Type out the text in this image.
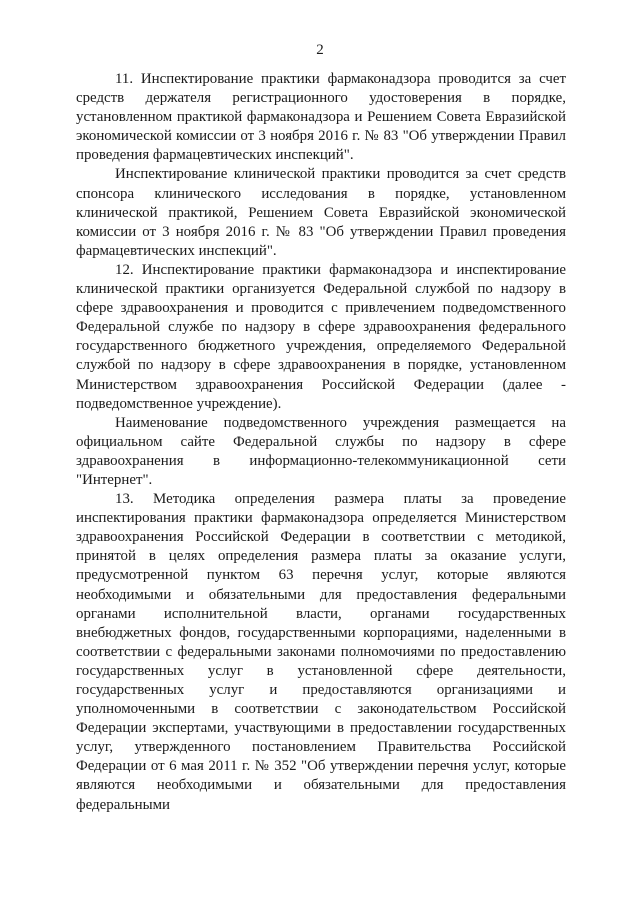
2

11. Инспектирование практики фармаконадзора проводится за счет средств держателя регистрационного удостоверения в порядке, установленном практикой фармаконадзора и Решением Совета Евразийской экономической комиссии от 3 ноября 2016 г. № 83 "Об утверждении Правил проведения фармацевтических инспекций".

Инспектирование клинической практики проводится за счет средств спонсора клинического исследования в порядке, установленном клинической практикой, Решением Совета Евразийской экономической комиссии от 3 ноября 2016 г. № 83 "Об утверждении Правил проведения фармацевтических инспекций".

12. Инспектирование практики фармаконадзора и инспектирование клинической практики организуется Федеральной службой по надзору в сфере здравоохранения и проводится с привлечением подведомственного Федеральной службе по надзору в сфере здравоохранения федерального государственного бюджетного учреждения, определяемого Федеральной службой по надзору в сфере здравоохранения в порядке, установленном Министерством здравоохранения Российской Федерации (далее - подведомственное учреждение).

Наименование подведомственного учреждения размещается на официальном сайте Федеральной службы по надзору в сфере здравоохранения в информационно-телекоммуникационной сети "Интернет".

13. Методика определения размера платы за проведение инспектирования практики фармаконадзора определяется Министерством здравоохранения Российской Федерации в соответствии с методикой, принятой в целях определения размера платы за оказание услуги, предусмотренной пунктом 63 перечня услуг, которые являются необходимыми и обязательными для предоставления федеральными органами исполнительной власти, органами государственных внебюджетных фондов, государственными корпорациями, наделенными в соответствии с федеральными законами полномочиями по предоставлению государственных услуг в установленной сфере деятельности, государственных услуг и предоставляются организациями и уполномоченными в соответствии с законодательством Российской Федерации экспертами, участвующими в предоставлении государственных услуг, утвержденного постановлением Правительства Российской Федерации от 6 мая 2011 г. № 352 "Об утверждении перечня услуг, которые являются необходимыми и обязательными для предоставления федеральными
